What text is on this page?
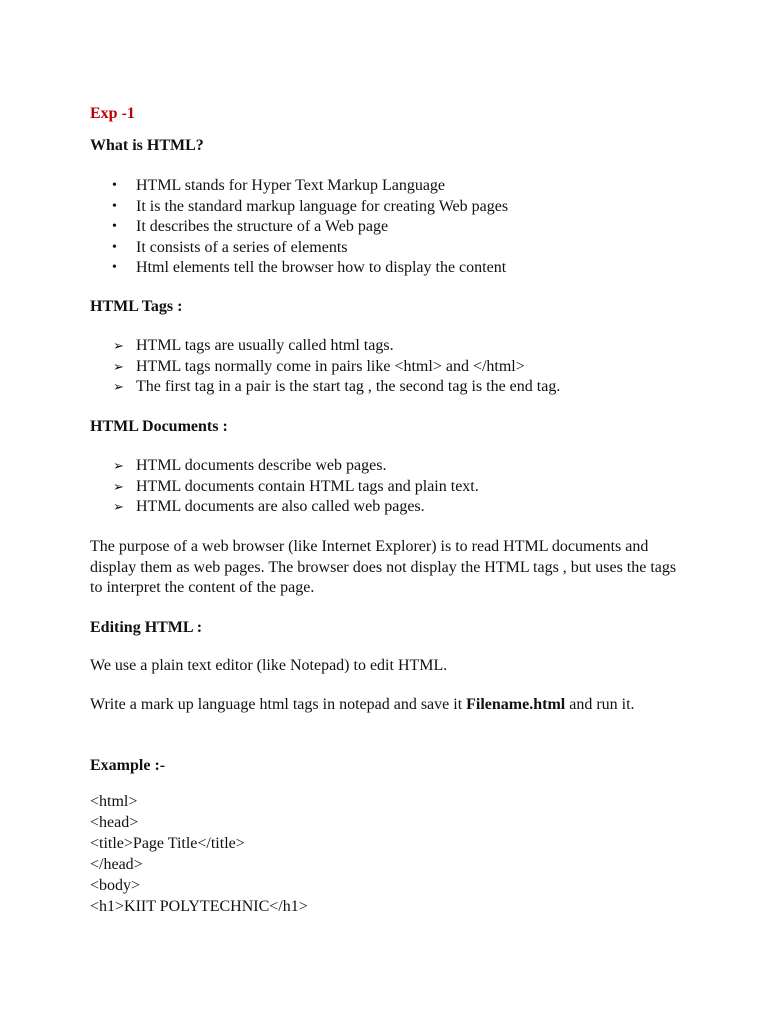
Exp -1

What is HTML?

• HTML stands for Hyper Text Markup Language
• It is the standard markup language for creating Web pages
• It describes the structure of a Web page
• It consists of a series of elements
• Html elements tell the browser how to display the content

HTML Tags :

➢ HTML tags are usually called html tags.
➢ HTML tags normally come in pairs like <html> and </html>
➢ The first tag in a pair is the start tag , the second tag is the end tag.

HTML Documents :

➢ HTML documents describe web pages.
➢ HTML documents contain HTML tags and plain text.
➢ HTML documents are also called web pages.

The purpose of a web browser (like Internet Explorer) is to read HTML documents and display them as web pages. The browser does not display the HTML tags , but uses the tags to interpret the content of the page.

Editing HTML :

We use a plain text editor (like Notepad) to edit HTML.

Write a mark up language html tags in notepad and save it Filename.html and run it.

Example :-

<html>
<head>
<title>Page Title</title>
</head>
<body>
<h1>KIIT POLYTECHNIC</h1>
